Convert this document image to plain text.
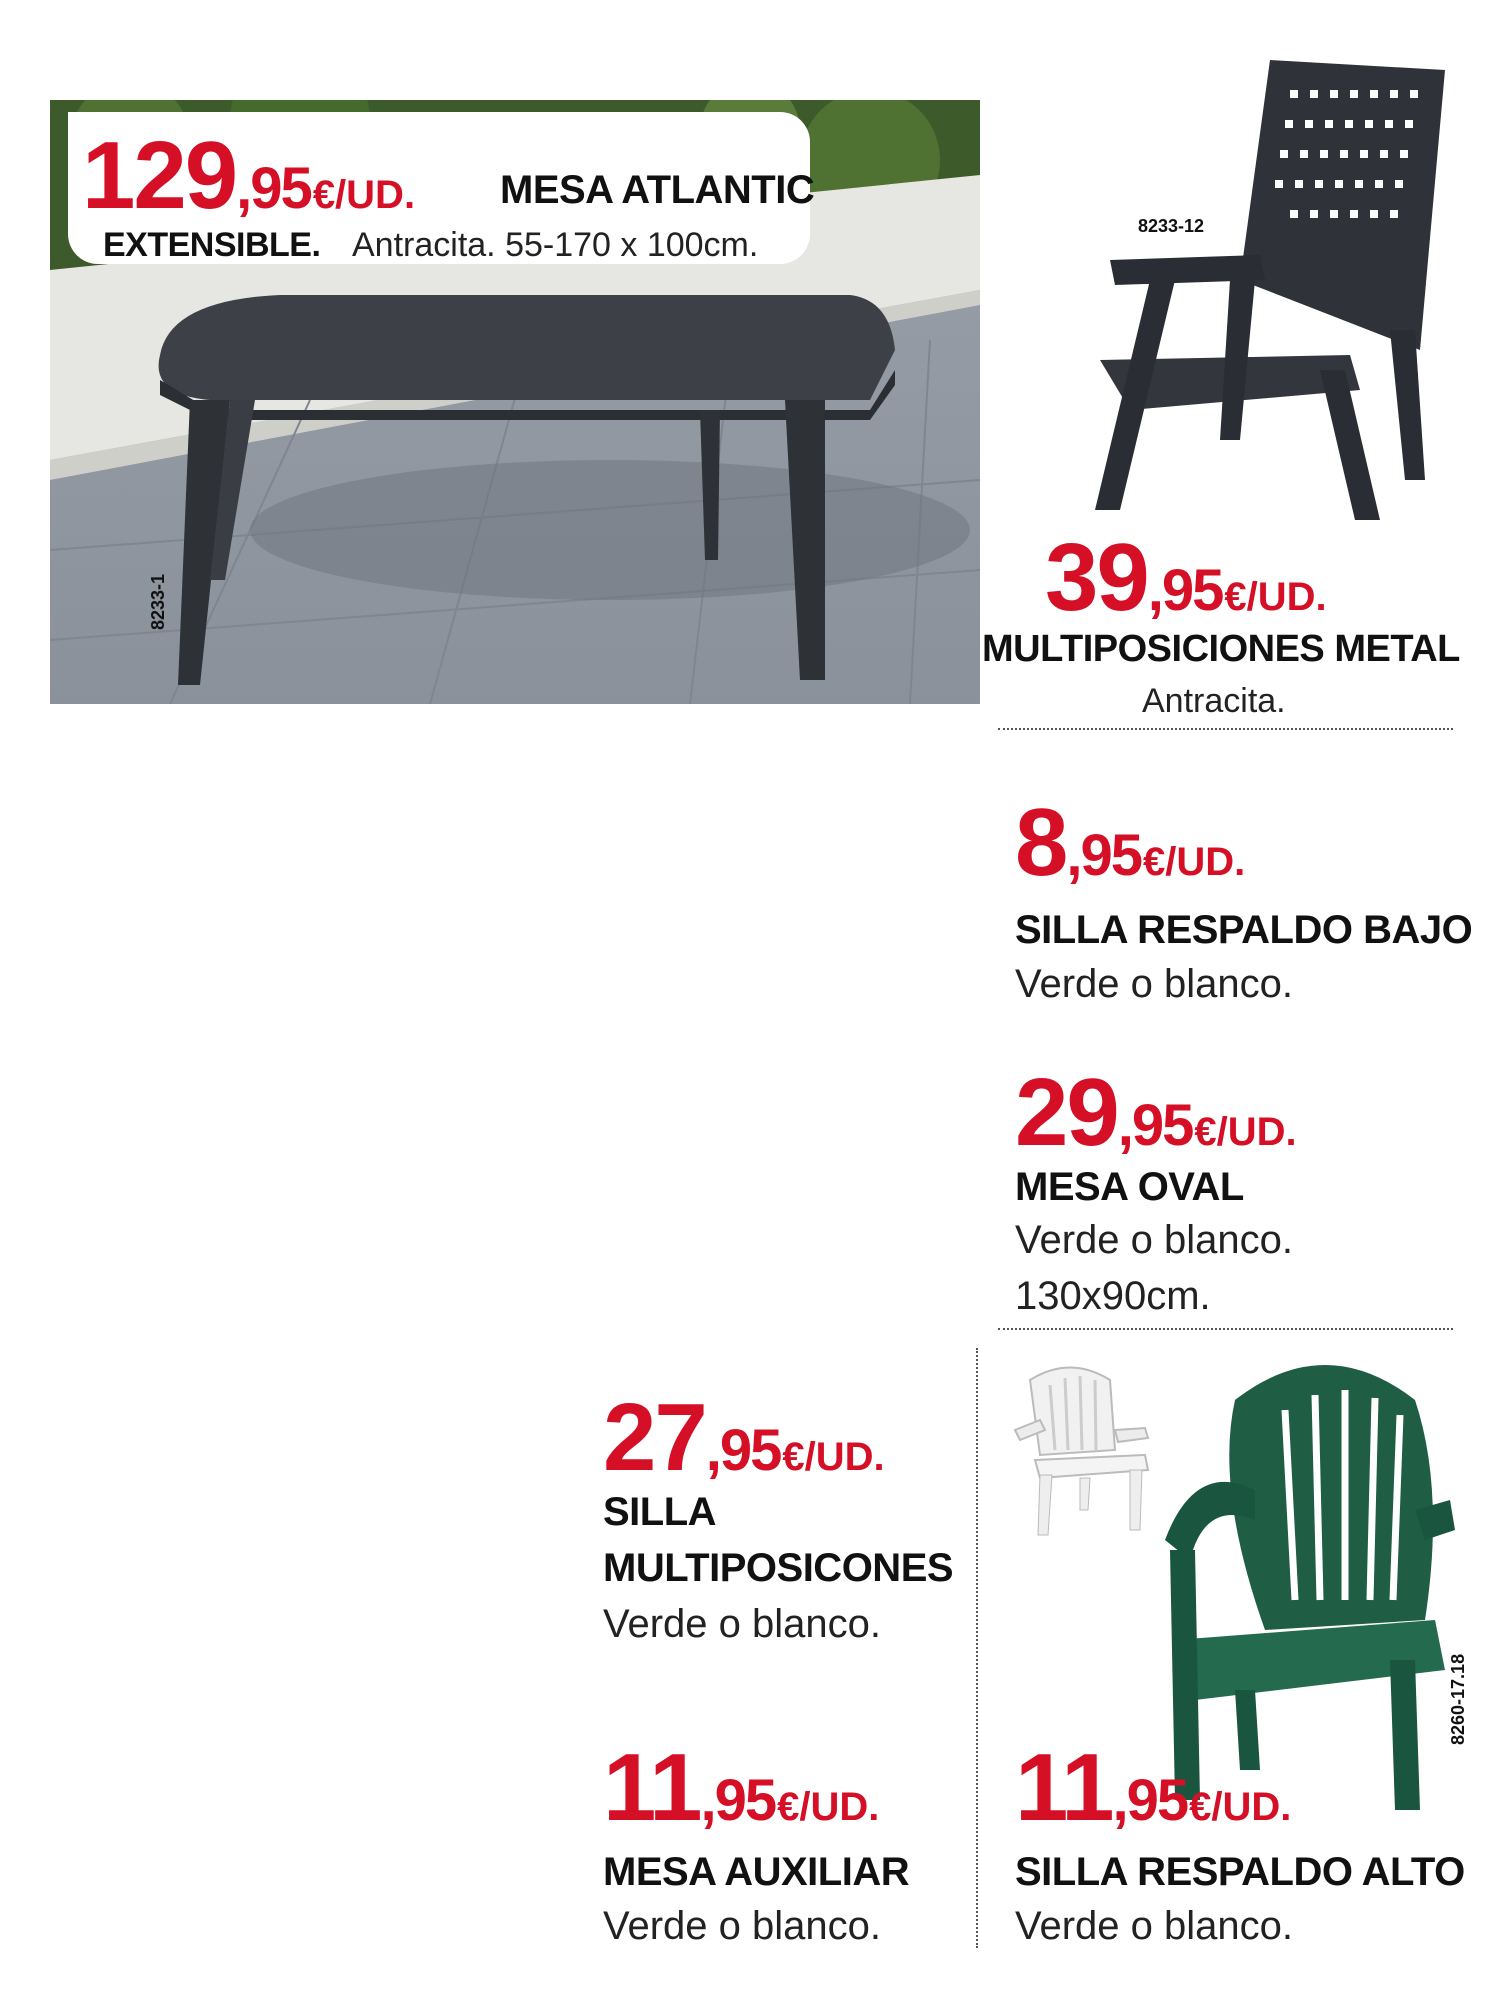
129,95€/UD. MESA ATLANTIC
EXTENSIBLE. Antracita. 55-170 x 100cm.
8233-1
8233-12
39,95€/UD.
MULTIPOSICIONES METAL
Antracita.
8,95€/UD.
SILLA RESPALDO BAJO
Verde o blanco.
29,95€/UD.
MESA OVAL
Verde o blanco.
130x90cm.
8260-17.18
27,95€/UD.
SILLA
MULTIPOSICONES
Verde o blanco.
11,95€/UD.
MESA AUXILIAR
Verde o blanco.
11,95€/UD.
SILLA RESPALDO ALTO
Verde o blanco.
